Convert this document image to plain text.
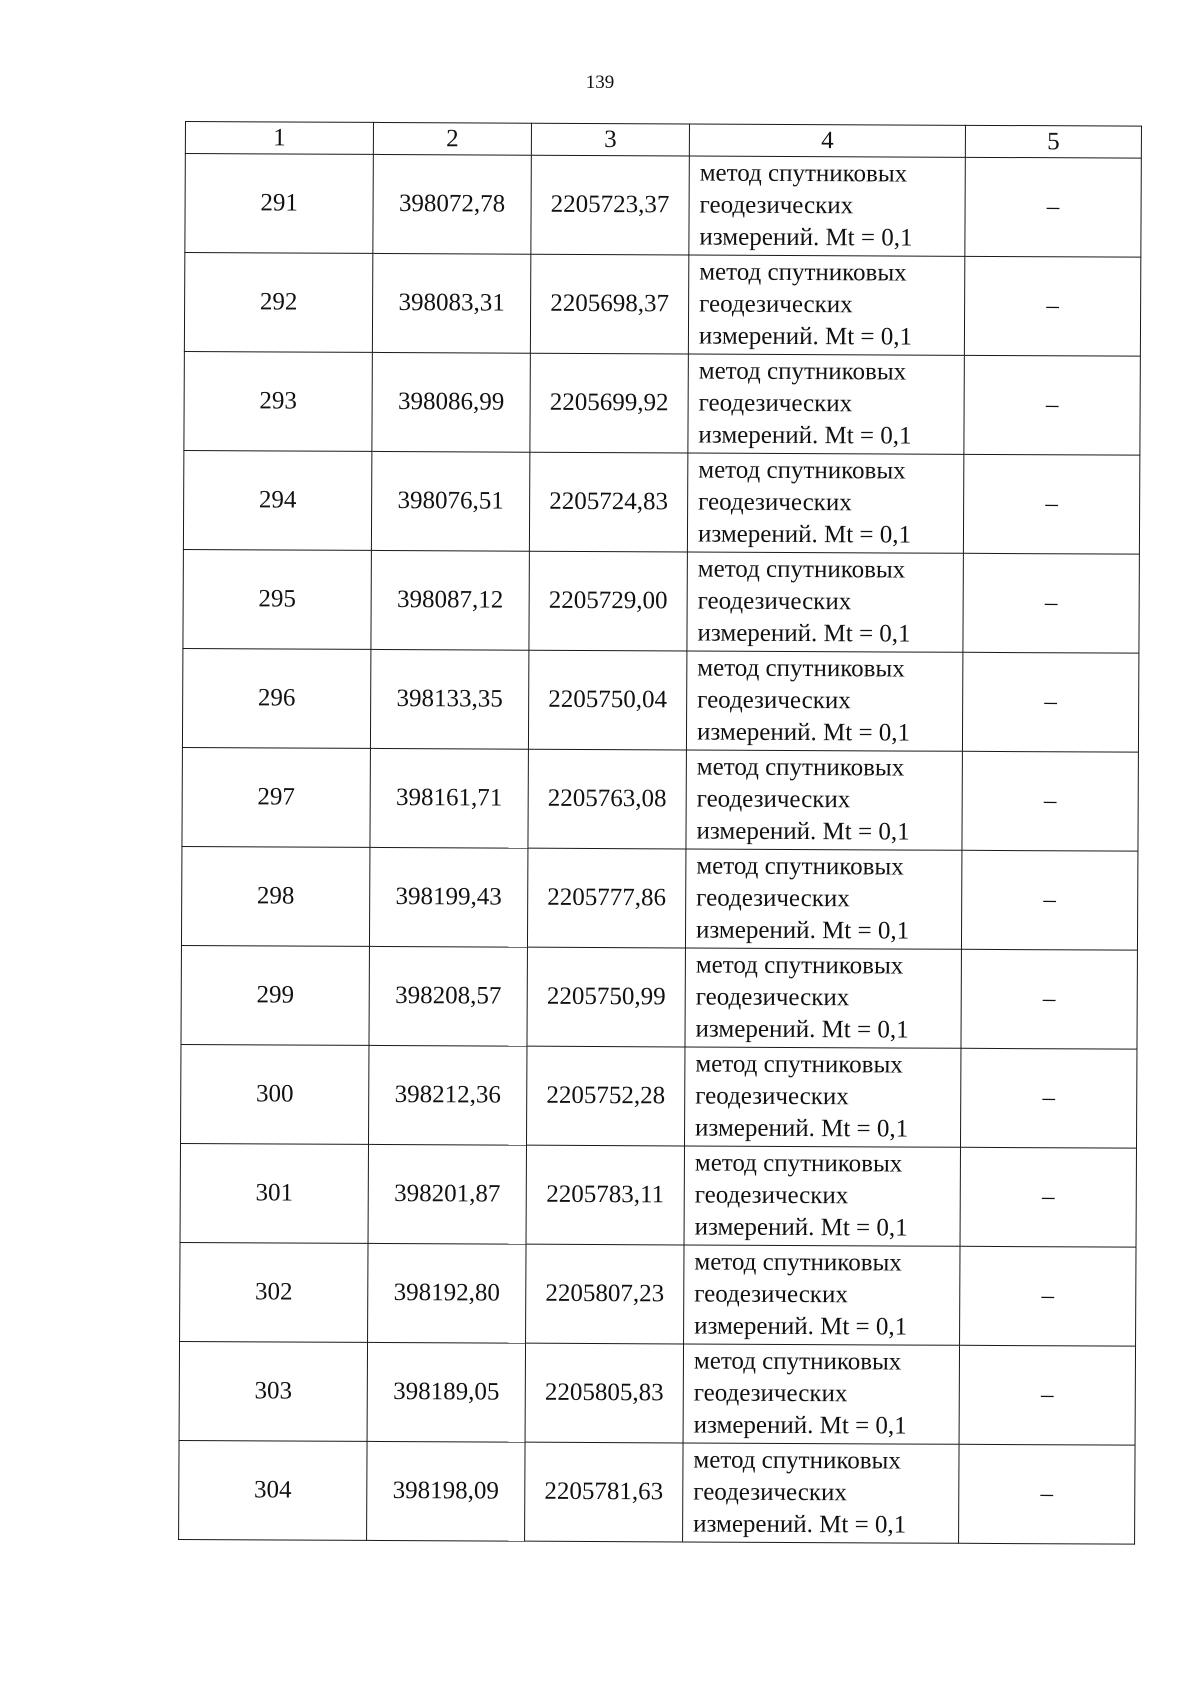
139
1	2	3	4	5
291	398072,78	2205723,37	метод спутниковых
геодезических
измерений. Mt = 0,1	–
292	398083,31	2205698,37	метод спутниковых
геодезических
измерений. Mt = 0,1	–
293	398086,99	2205699,92	метод спутниковых
геодезических
измерений. Mt = 0,1	–
294	398076,51	2205724,83	метод спутниковых
геодезических
измерений. Mt = 0,1	–
295	398087,12	2205729,00	метод спутниковых
геодезических
измерений. Mt = 0,1	–
296	398133,35	2205750,04	метод спутниковых
геодезических
измерений. Mt = 0,1	–
297	398161,71	2205763,08	метод спутниковых
геодезических
измерений. Mt = 0,1	–
298	398199,43	2205777,86	метод спутниковых
геодезических
измерений. Mt = 0,1	–
299	398208,57	2205750,99	метод спутниковых
геодезических
измерений. Mt = 0,1	–
300	398212,36	2205752,28	метод спутниковых
геодезических
измерений. Mt = 0,1	–
301	398201,87	2205783,11	метод спутниковых
геодезических
измерений. Mt = 0,1	–
302	398192,80	2205807,23	метод спутниковых
геодезических
измерений. Mt = 0,1	–
303	398189,05	2205805,83	метод спутниковых
геодезических
измерений. Mt = 0,1	–
304	398198,09	2205781,63	метод спутниковых
геодезических
измерений. Mt = 0,1	–
